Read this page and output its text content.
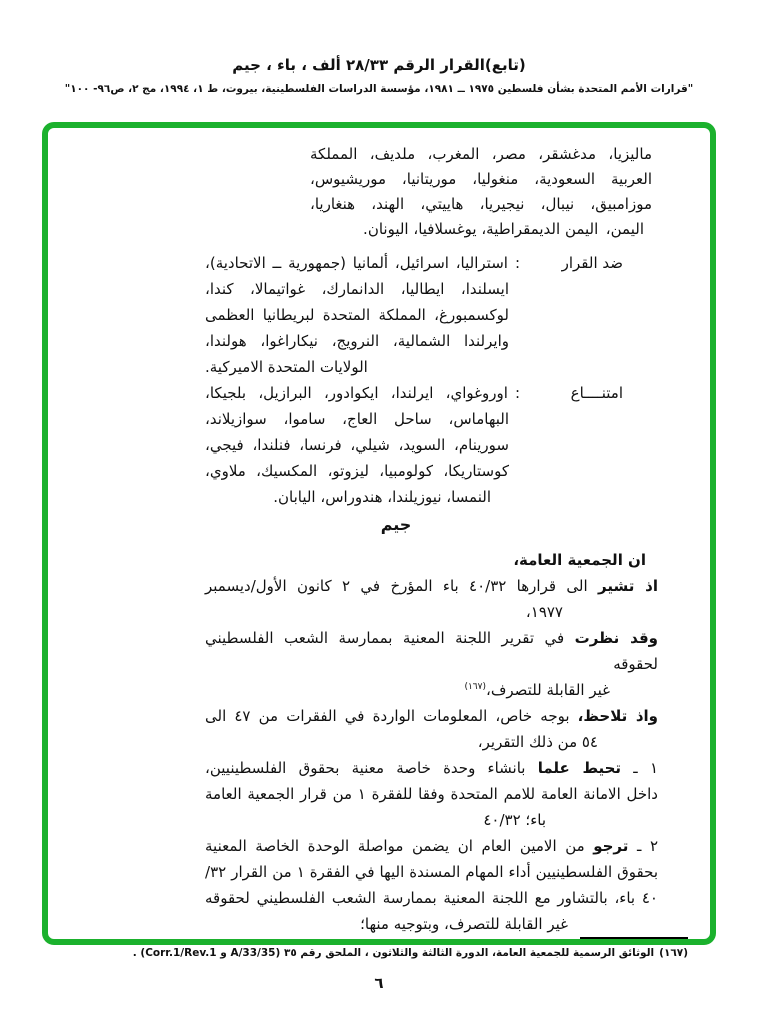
(تابع)القرار الرقم ٢٨/٣٣ ألف ، باء ، جيم
"قرارات الأمم المتحدة بشأن فلسطين ١٩٧٥ ــ ١٩٨١، مؤسسة الدراسات الفلسطينية، بيروت، ط ١، ١٩٩٤، مج ٢، ص٩٦- ١٠٠"
ماليزيا، مدغشقر، مصر، المغرب، ملديف، المملكة
العربية السعودية، منغوليا، موريتانيا، موريشيوس،
موزامبيق، نيبال، نيجيريا، هاييتي، الهند، هنغاريا،
اليمن، اليمن الديمقراطية، يوغسلافيا، اليونان.
ضد القرار
:
استراليا، اسرائيل، ألمانيا (جمهورية ــ الاتحادية)،
ايسلندا، ايطاليا، الدانمارك، غواتيمالا، كندا،
لوكسمبورغ، المملكة المتحدة لبريطانيا العظمى
وايرلندا الشمالية، النرويج، نيكاراغوا، هولندا،
الولايات المتحدة الاميركية.
امتنــــاع
:
اوروغواي، ايرلندا، ايكوادور، البرازيل، بلجيكا،
البهاماس، ساحل العاج، ساموا، سوازيلاند،
سورينام، السويد، شيلي، فرنسا، فنلندا، فيجي،
كوستاريكا، كولومبيا، ليزوتو، المكسيك، ملاوي،
النمسا، نيوزيلندا، هندوراس، اليابان.
جيم
ان الجمعية العامة،
اذ تشير الى قرارها ٤٠/٣٢ باء المؤرخ في ٢ كانون الأول/ديسمبر
١٩٧٧،
وقد نظرت في تقرير اللجنة المعنية بممارسة الشعب الفلسطيني لحقوقه
غير القابلة للتصرف،$^{(١٦٧)}$
واذ تلاحظ، بوجه خاص، المعلومات الواردة في الفقرات من ٤٧ الى
٥٤ من ذلك التقرير،
١ ـ تحيط علما بانشاء وحدة خاصة معنية بحقوق الفلسطينيين،
داخل الامانة العامة للامم المتحدة وفقا للفقرة ١ من قرار الجمعية العامة
باء؛ ٤٠/٣٢
٢ ـ ترجو من الامين العام ان يضمن مواصلة الوحدة الخاصة المعنية
بحقوق الفلسطينيين أداء المهام المسندة اليها في الفقرة ١ من القرار ٣٢/
٤٠ باء، بالتشاور مع اللجنة المعنية بممارسة الشعب الفلسطيني لحقوقه
غير القابلة للتصرف، وبتوجيه منها؛
(١٦٧)الوثائق الرسمية للجمعية العامة، الدورة الثالثة والثلاثون ، الملحق رقم ٣٥ (A/33/35 و Corr.1/Rev.1) .
٦
